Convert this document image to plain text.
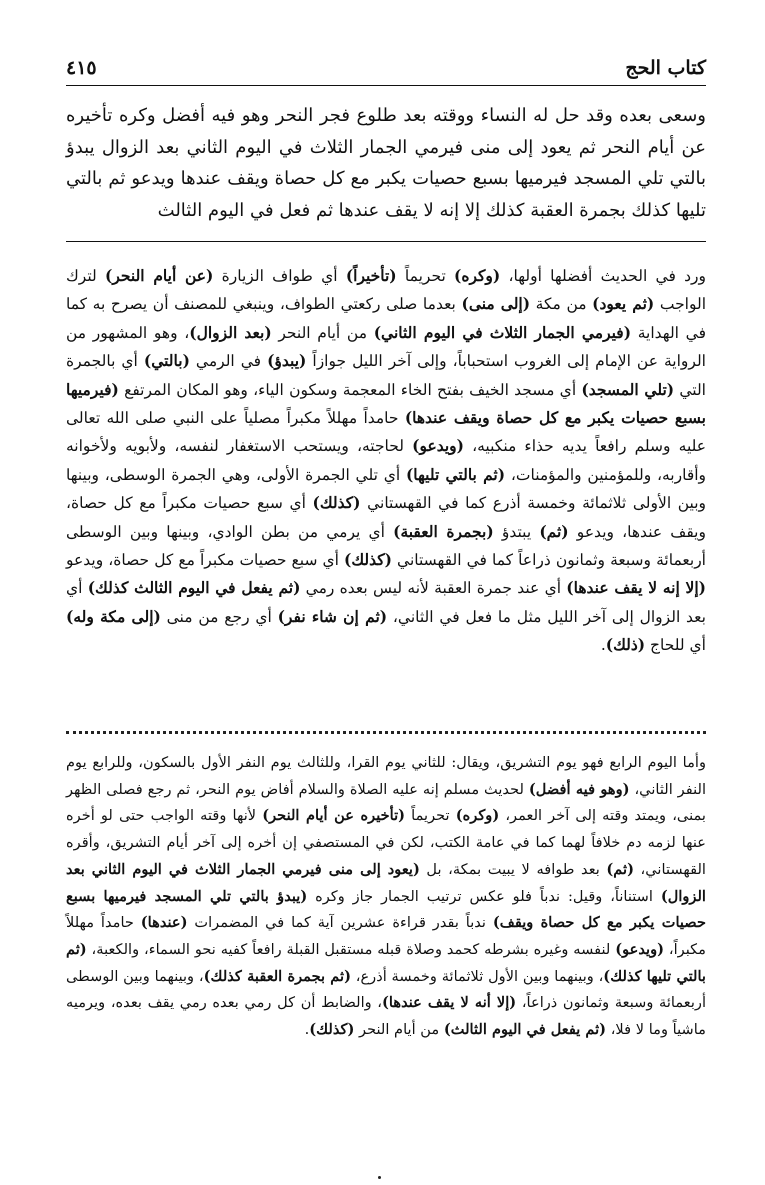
كتاب الحج
٤١٥
وسعى بعده وقد حل له النساء ووقته بعد طلوع فجر النحر وهو فيه أفضل وكره تأخيره عن أيام النحر ثم يعود إلى منى فيرمي الجمار الثلاث في اليوم الثاني بعد الزوال يبدؤ بالتي تلي المسجد فيرميها بسبع حصيات يكبر مع كل حصاة ويقف عندها ويدعو ثم بالتي تليها كذلك بجمرة العقبة كذلك إلا إنه لا يقف عندها ثم فعل في اليوم الثالث
ورد في الحديث أفضلها أولها، (وكره) تحريماً (تأخيراً) أي طواف الزيارة (عن أيام النحر) لترك الواجب (ثم يعود) من مكة (إلى منى) بعدما صلى ركعتي الطواف، وينبغي للمصنف أن يصرح به كما في الهداية (فيرمي الجمار الثلاث في اليوم الثاني) من أيام النحر (بعد الزوال)، وهو المشهور من الرواية عن الإمام إلى الغروب استحباباً، وإلى آخر الليل جوازاً (يبدؤ) في الرمي (بالتي) أي بالجمرة التي (تلي المسجد) أي مسجد الخيف بفتح الخاء المعجمة وسكون الياء، وهو المكان المرتفع (فيرميها بسبع حصيات يكبر مع كل حصاة ويقف عندها) حامداً مهللاً مكبراً مصلياً على النبي صلى الله تعالى عليه وسلم رافعاً يديه حذاء منكبيه، (ويدعو) لحاجته، ويستحب الاستغفار لنفسه، ولأبويه ولأخوانه وأقاربه، وللمؤمنين والمؤمنات، (ثم بالتي تليها) أي تلي الجمرة الأولى، وهي الجمرة الوسطى، وبينها وبين الأولى ثلاثمائة وخمسة أذرع كما في القهستاني (كذلك) أي سبع حصيات مكبراً مع كل حصاة، ويقف عندها، ويدعو (ثم) يبتدؤ (بجمرة العقبة) أي يرمي من بطن الوادي، وبينها وبين الوسطى أربعمائة وسبعة وثمانون ذراعاً كما في القهستاني (كذلك) أي سبع حصيات مكبراً مع كل حصاة، ويدعو (إلا إنه لا يقف عندها) أي عند جمرة العقبة لأنه ليس بعده رمي (ثم يفعل في اليوم الثالث كذلك) أي بعد الزوال إلى آخر الليل مثل ما فعل في الثاني، (ثم إن شاء نفر) أي رجع من منى (إلى مكة وله) أي للحاج (ذلك).
وأما اليوم الرابع فهو يوم التشريق، ويقال: للثاني يوم القرا، وللثالث يوم النفر الأول بالسكون، وللرابع يوم النفر الثاني، (وهو فيه أفضل) لحديث مسلم إنه عليه الصلاة والسلام أفاض يوم النحر، ثم رجع فصلى الظهر بمنى، ويمتد وقته إلى آخر العمر، (وكره) تحريماً (تأخيره عن أيام النحر) لأنها وقته الواجب حتى لو أخره عنها لزمه دم خلافاً لهما كما في عامة الكتب، لكن في المستصفي إن أخره إلى آخر أيام التشريق، وأقره القهستاني، (ثم) بعد طوافه لا يبيت بمكة، بل (يعود إلى منى فيرمي الجمار الثلاث في اليوم الثاني بعد الزوال) استناناً، وقيل: ندباً فلو عكس ترتيب الجمار جاز وكره (يبدؤ بالتي تلي المسجد فيرميها بسبع حصيات يكبر مع كل حصاة ويقف) ندباً بقدر قراءة عشرين آية كما في المضمرات (عندها) حامداً مهللاً مكبراً، (ويدعو) لنفسه وغيره بشرطه كحمد وصلاة قبله مستقبل القبلة رافعاً كفيه نحو السماء، والكعبة، (ثم بالتي تليها كذلك)، وبينهما وبين الأول ثلاثمائة وخمسة أذرع، (ثم بجمرة العقبة كذلك)، وبينهما وبين الوسطى أربعمائة وسبعة وثمانون ذراعاً، (إلا أنه لا يقف عندها)، والضابط أن كل رمي بعده رمي يقف بعده، ويرميه ماشياً وما لا فلا، (ثم يفعل في اليوم الثالث) من أيام النحر (كذلك).
